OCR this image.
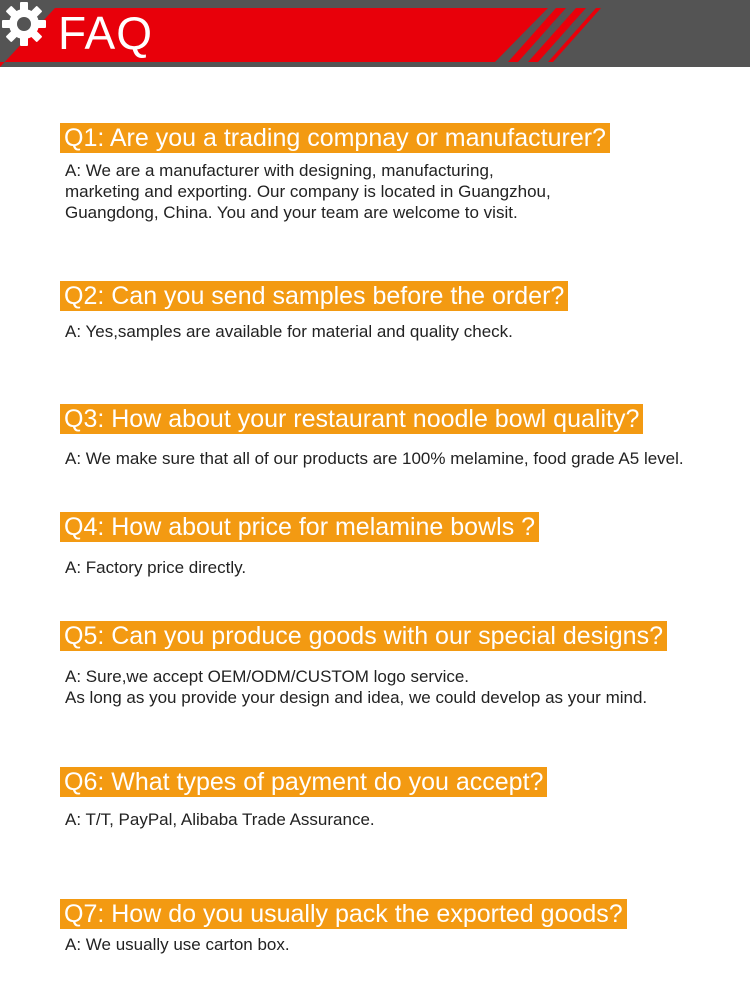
FAQ
Q1: Are you a trading compnay or manufacturer?

A: We are a manufacturer with designing, manufacturing,
marketing and exporting. Our company is located in Guangzhou,
Guangdong, China. You and your team are welcome to visit.

Q2: Can you send samples before the order?

A: Yes,samples are available for material and quality check.

Q3: How about your restaurant noodle bowl quality?

A: We make sure that all of our products are 100% melamine, food grade A5 level.

Q4: How about price for melamine bowls ?

A: Factory price directly.

Q5: Can you produce goods with our special designs?

A: Sure,we accept OEM/ODM/CUSTOM logo service.
As long as you provide your design and idea, we could develop as your mind.

Q6: What types of payment do you accept?

A: T/T, PayPal, Alibaba Trade Assurance.

Q7: How do you usually pack the exported goods?

A: We usually use carton box.
